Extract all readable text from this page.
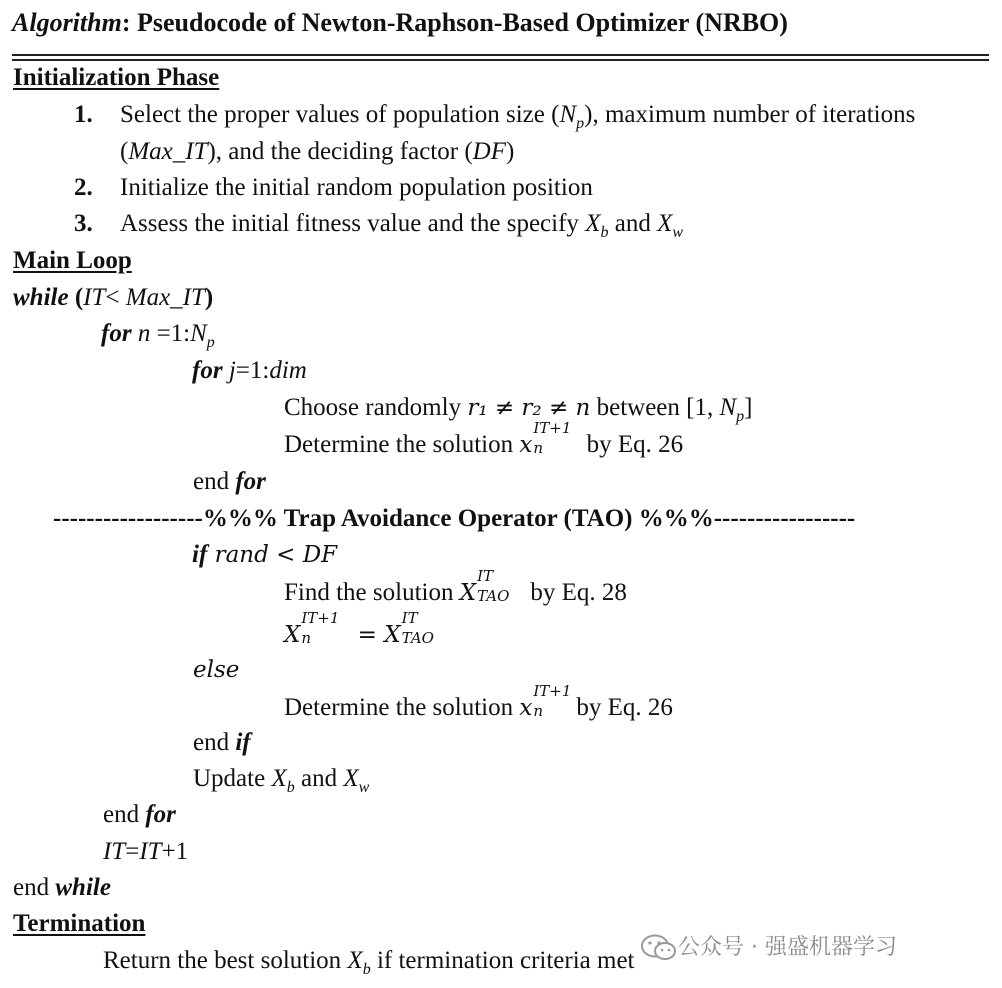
Algorithm: Pseudocode of Newton-Raphson-Based Optimizer (NRBO)
Initialization Phase
1. Select the proper values of population size $(N_p)$, maximum number of iterations
(Max_IT), and the deciding factor (DF)
2. Initialize the initial random population position
3. Assess the initial fitness value and the specify $X_b$ and $X_w$
Main Loop
while (IT< Max_IT)
for $n =1:N_p$
for j=1:dim
Choose randomly r₁ ≠ r₂ ≠ n between [1, $N_p$]
Determine the solution x
IT+1
n by Eq. 26
end for
------------------%%% Trap Avoidance Operator (TAO) %%%-----------------
if rand < DF
Find the solution X
IT
TAO by Eq. 28
X
IT+1
n = X
IT
TAO
else
Determine the solution x
IT+1
n by Eq. 26
end if
Update $X_b$ and $X_w$
end for
IT=IT+1
end while
Termination
Return the best solution $X_b$ if termination criteria met	公众号 · 强盛机器学习
